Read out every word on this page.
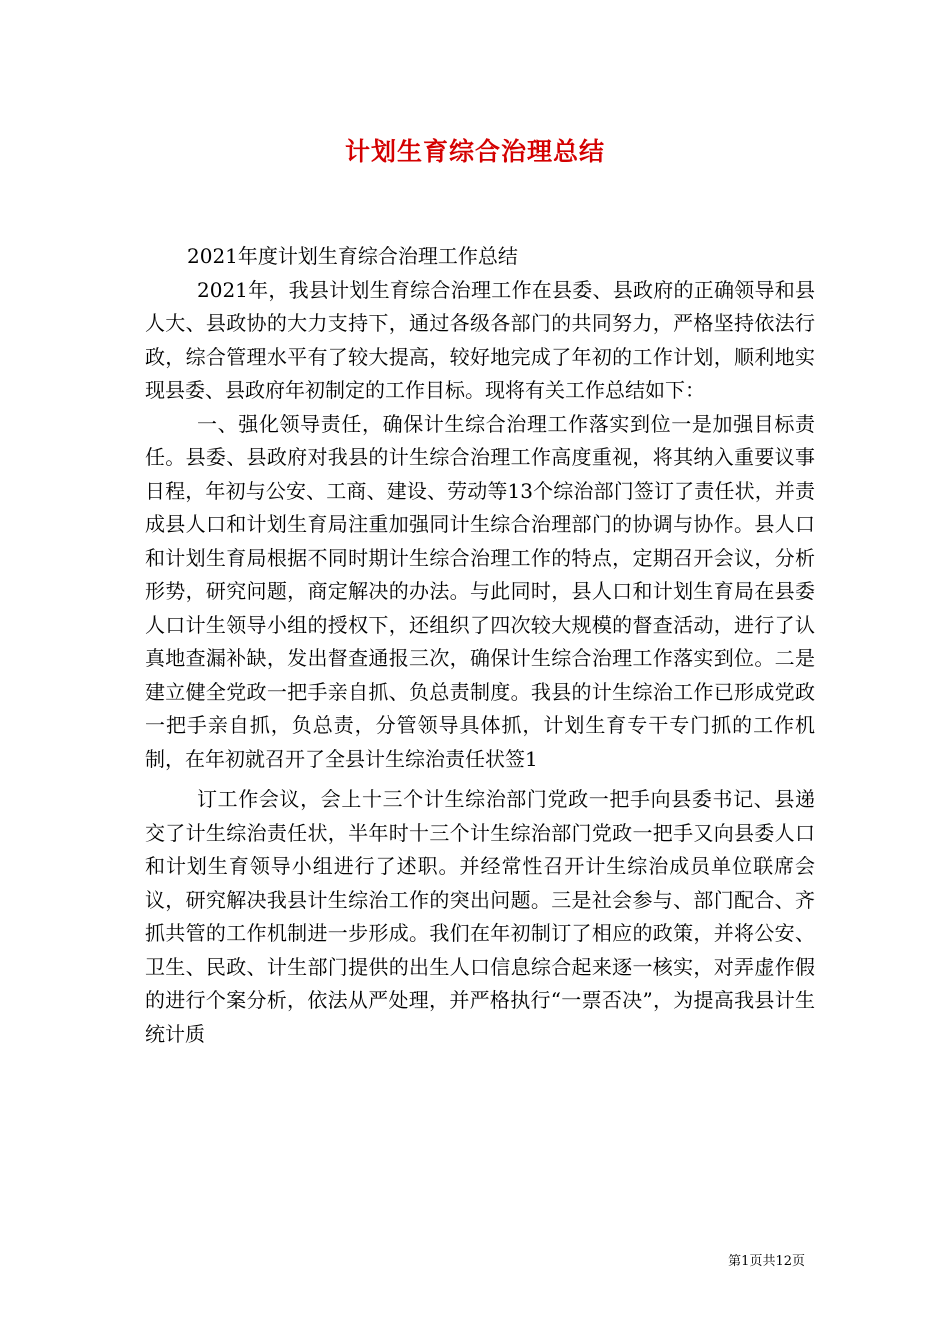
计划生育综合治理总结
2021年度计划生育综合治理工作总结

2021年，我县计划生育综合治理工作在县委、县政府的正确领导和县人大、县政协的大力支持下，通过各级各部门的共同努力，严格坚持依法行政，综合管理水平有了较大提高，较好地完成了年初的工作计划，顺利地实现县委、县政府年初制定的工作目标。现将有关工作总结如下：

一、强化领导责任，确保计生综合治理工作落实到位一是加强目标责任。县委、县政府对我县的计生综合治理工作高度重视，将其纳入重要议事日程，年初与公安、工商、建设、劳动等13个综治部门签订了责任状，并责成县人口和计划生育局注重加强同计生综合治理部门的协调与协作。县人口和计划生育局根据不同时期计生综合治理工作的特点，定期召开会议，分析形势，研究问题，商定解决的办法。与此同时，县人口和计划生育局在县委人口计生领导小组的授权下，还组织了四次较大规模的督查活动，进行了认真地查漏补缺，发出督查通报三次，确保计生综合治理工作落实到位。二是建立健全党政一把手亲自抓、负总责制度。我县的计生综治工作已形成党政一把手亲自抓，负总责，分管领导具体抓，计划生育专干专门抓的工作机制，在年初就召开了全县计生综治责任状签1

订工作会议，会上十三个计生综治部门党政一把手向县委书记、县递交了计生综治责任状，半年时十三个计生综治部门党政一把手又向县委人口和计划生育领导小组进行了述职。并经常性召开计生综治成员单位联席会议，研究解决我县计生综治工作的突出问题。三是社会参与、部门配合、齐抓共管的工作机制进一步形成。我们在年初制订了相应的政策，并将公安、卫生、民政、计生部门提供的出生人口信息综合起来逐一核实，对弄虚作假的进行个案分析，依法从严处理，并严格执行“一票否决”，为提高我县计生统计质

第1页共12页
